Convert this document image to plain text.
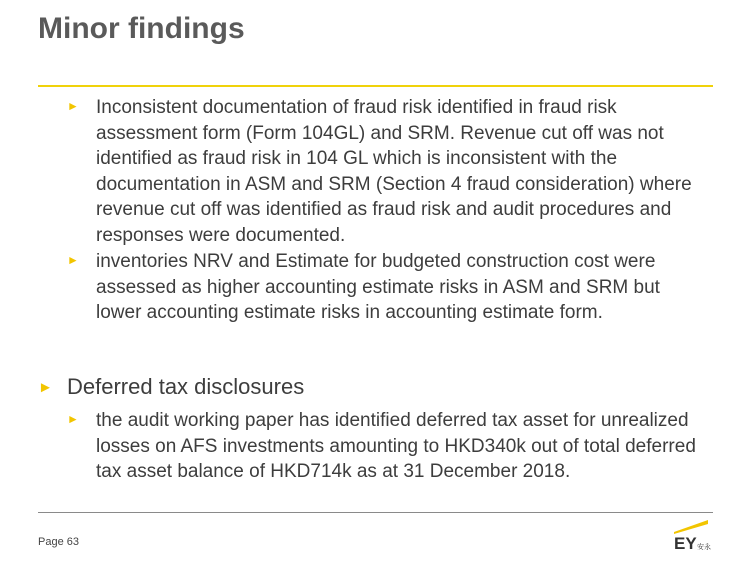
Minor findings
► Inconsistent documentation of fraud risk identified in fraud risk assessment form (Form 104GL) and SRM. Revenue cut off was not identified as fraud risk in 104 GL which is inconsistent with the documentation in ASM and SRM (Section 4 fraud consideration) where revenue cut off was identified as fraud risk and audit procedures and responses were documented.
► inventories NRV and Estimate for budgeted construction cost were assessed as higher accounting estimate risks in ASM and SRM but lower accounting estimate risks in accounting estimate form.
► Deferred tax disclosures
► the audit working paper has identified deferred tax asset for unrealized losses on AFS investments amounting to HKD340k out of total deferred tax asset balance of HKD714k as at 31 December 2018.
Page 63	EY 安永
